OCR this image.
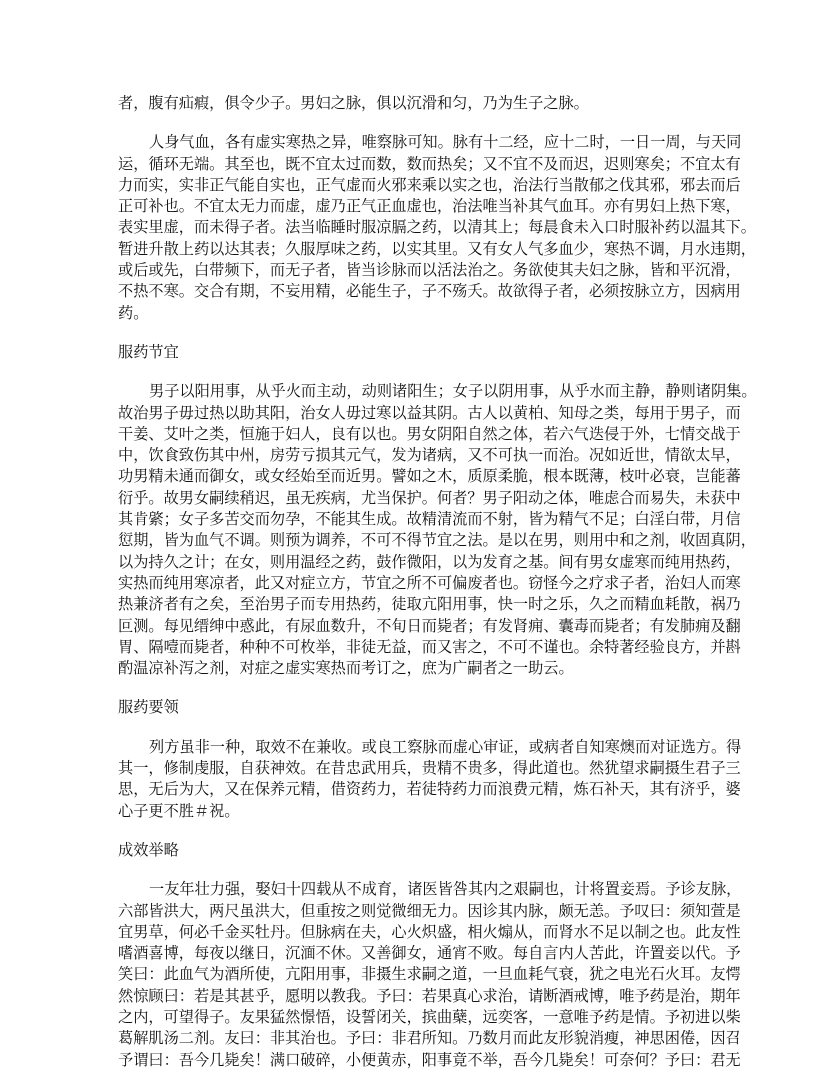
者，腹有疝瘕，俱令少子。男妇之脉，俱以沉滑和匀，乃为生子之脉。
人身气血，各有虚实寒热之异，唯察脉可知。脉有十二经，应十二时，一日一周，与天同
运，循环无端。其至也，既不宜太过而数，数而热矣；又不宜不及而迟，迟则寒矣；不宜太有
力而实，实非正气能自实也，正气虚而火邪来乘以实之也，治法行当散郁之伐其邪，邪去而后
正可补也。不宜太无力而虚，虚乃正气正血虚也，治法唯当补其气血耳。亦有男妇上热下寒，
表实里虚，而未得子者。法当临睡时服凉膈之药，以清其上；每晨食未入口时服补药以温其下。
暂进升散上药以达其表；久服厚味之药，以实其里。又有女人气多血少，寒热不调，月水违期，
或后或先，白带频下，而无子者，皆当诊脉而以活法治之。务欲使其夫妇之脉，皆和平沉滑，
不热不寒。交合有期，不妄用精，必能生子，子不殇夭。故欲得子者，必须按脉立方，因病用
药。
服药节宜
男子以阳用事，从乎火而主动，动则诸阳生；女子以阴用事，从乎水而主静，静则诸阴集。
故治男子毋过热以助其阳，治女人毋过寒以益其阴。古人以黄柏、知母之类，每用于男子，而
干姜、艾叶之类，恒施于妇人，良有以也。男女阴阳自然之体，若六气迭侵于外，七情交战于
中，饮食致伤其中州，房劳亏损其元气，发为诸病，又不可执一而治。况如近世，情欲太早，
功男精未通而御女，或女经始至而近男。譬如之木，质原柔脆，根本既薄，枝叶必衰，岂能蕃
衍乎。故男女嗣续稍迟，虽无疾病，尤当保护。何者？男子阳动之体，唯虑合而易失，未获中
其肯綮；女子多苦交而勿孕，不能其生成。故精清流而不射，皆为精气不足；白淫白带，月信
愆期，皆为血气不调。则预为调养，不可不得节宜之法。是以在男，则用中和之剂，收固真阴，
以为持久之计；在女，则用温经之药，鼓作微阳，以为发育之基。间有男女虚寒而纯用热药，
实热而纯用寒凉者，此又对症立方，节宜之所不可偏废者也。窃怪今之疗求子者，治妇人而寒
热兼济者有之矣，至治男子而专用热药，徒取亢阳用事，快一时之乐，久之而精血耗散，祸乃
叵测。每见缙绅中惑此，有尿血数升，不旬日而毙者；有发肾痈、囊毒而毙者；有发肺痈及翻
胃、隔噎而毙者，种种不可枚举，非徒无益，而又害之，不可不谨也。余特著经验良方，并斟
酌温凉补泻之剂，对症之虚实寒热而考订之，庶为广嗣者之一助云。
服药要领
列方虽非一种，取效不在兼收。或良工察脉而虚心审证，或病者自知寒燠而对证选方。得
其一，修制虔服，自获神效。在昔忠武用兵，贵精不贵多，得此道也。然犹望求嗣摄生君子三
思，无后为大，又在保养元精，借资药力，若徒特药力而浪费元精，炼石补天，其有济乎，婆
心子更不胜＃祝。
成效举略
一友年壮力强，娶妇十四载从不成育，诸医皆咎其内之艰嗣也，计将置妾焉。予诊友脉，
六部皆洪大，两尺虽洪大，但重按之则觉微细无力。因诊其内脉，颇无恙。予叹曰：须知萱是
宜男草，何必千金买牡丹。但脉病在夫，心火炽盛，相火煽从，而肾水不足以制之也。此友性
嗜酒喜博，每夜以继日，沉湎不休。又善御女，通宵不败。每自言内人苦此，许置妾以代。予
笑曰：此血气为酒所使，亢阳用事，非摄生求嗣之道，一旦血耗气衰，犹之电光石火耳。友愕
然惊顾曰：若是其甚乎，愿明以教我。予曰：若果真心求治，请断酒戒博，唯予药是治，期年
之内，可望得子。友果猛然憬悟，设誓闭关，摈曲蘖，远奕客，一意唯予药是情。予初进以柴
葛解肌汤二剂。友曰：非其治也。予曰：非君所知。乃数月而此友形貌消瘦，神思困倦，因召
予谓曰：吾今几毙矣！满口破碎，小便黄赤，阳事竟不举，吾今几毙矣！可奈何？予曰：君无
